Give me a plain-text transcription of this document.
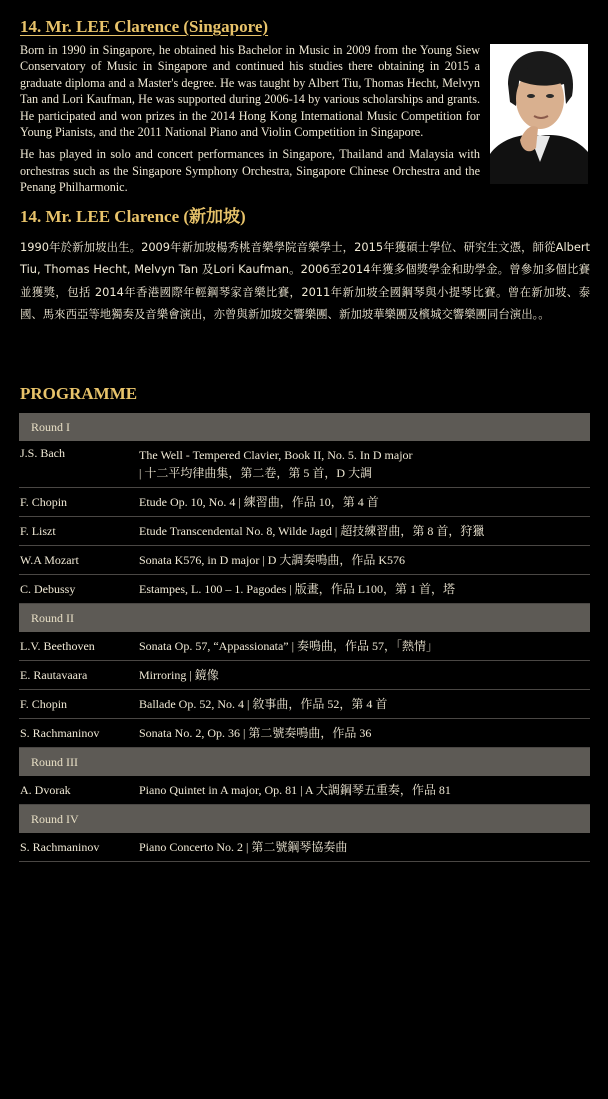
14. Mr. LEE Clarence (Singapore)

Born in 1990 in Singapore, he obtained his Bachelor in Music in 2009 from the Young Siew Conservatory of Music in Singapore and continued his studies there obtaining in 2015 a graduate diploma and a Master's degree. He was taught by Albert Tiu, Thomas Hecht, Melvyn Tan and Lori Kaufman, He was supported during 2006-14 by various scholarships and grants. He participated and won prizes in the 2014 Hong Kong International Music Competition for Young Pianists, and the 2011 National Piano and Violin Competition in Singapore.

He has played in solo and concert performances in Singapore, Thailand and Malaysia with orchestras such as the Singapore Symphony Orchestra, Singapore Chinese Orchestra and the Penang Philharmonic.

14. Mr. LEE Clarence (新加坡)

1990年於新加坡出生。2009年新加坡楊秀桃音樂學院音樂學士，2015年獲碩士學位、研究生文憑，師從Albert Tiu, Thomas Hecht, Melvyn Tan 及Lori Kaufman。2006至2014年獲多個獎學金和助學金。曾參加多個比賽並獲獎，包括 2014年香港國際年輕鋼琴家音樂比賽，2011年新加坡全國鋼琴與小提琴比賽。曾在新加坡、泰國、馬來西亞等地獨奏及音樂會演出，亦曾與新加坡交響樂團、新加坡華樂團及檳城交響樂團同台演出。。

PROGRAMME
Round I
J.S. Bach	The Well - Tempered Clavier, Book II, No. 5. In D major
| 十二平均律曲集，第二卷，第 5 首，D 大調
F. Chopin	Etude Op. 10, No. 4 | 練習曲，作品 10，第 4 首
F. Liszt	Etude Transcendental No. 8, Wilde Jagd | 超技練習曲，第 8 首，狩獵
W.A Mozart	Sonata K576, in D major | D 大調奏鳴曲，作品 K576
C. Debussy	Estampes, L. 100 – 1. Pagodes | 版畫，作品 L100，第 1 首，塔
Round II
L.V. Beethoven	Sonata Op. 57, “Appassionata” | 奏鳴曲，作品 57，「熱情」
E. Rautavaara	Mirroring | 鏡像
F. Chopin	Ballade Op. 52, No. 4 | 敘事曲，作品 52，第 4 首
S. Rachmaninov	Sonata No. 2, Op. 36 | 第二號奏鳴曲，作品 36
Round III
A. Dvorak	Piano Quintet in A major, Op. 81 | A 大調鋼琴五重奏，作品 81
Round IV
S. Rachmaninov	Piano Concerto No. 2 | 第二號鋼琴協奏曲
